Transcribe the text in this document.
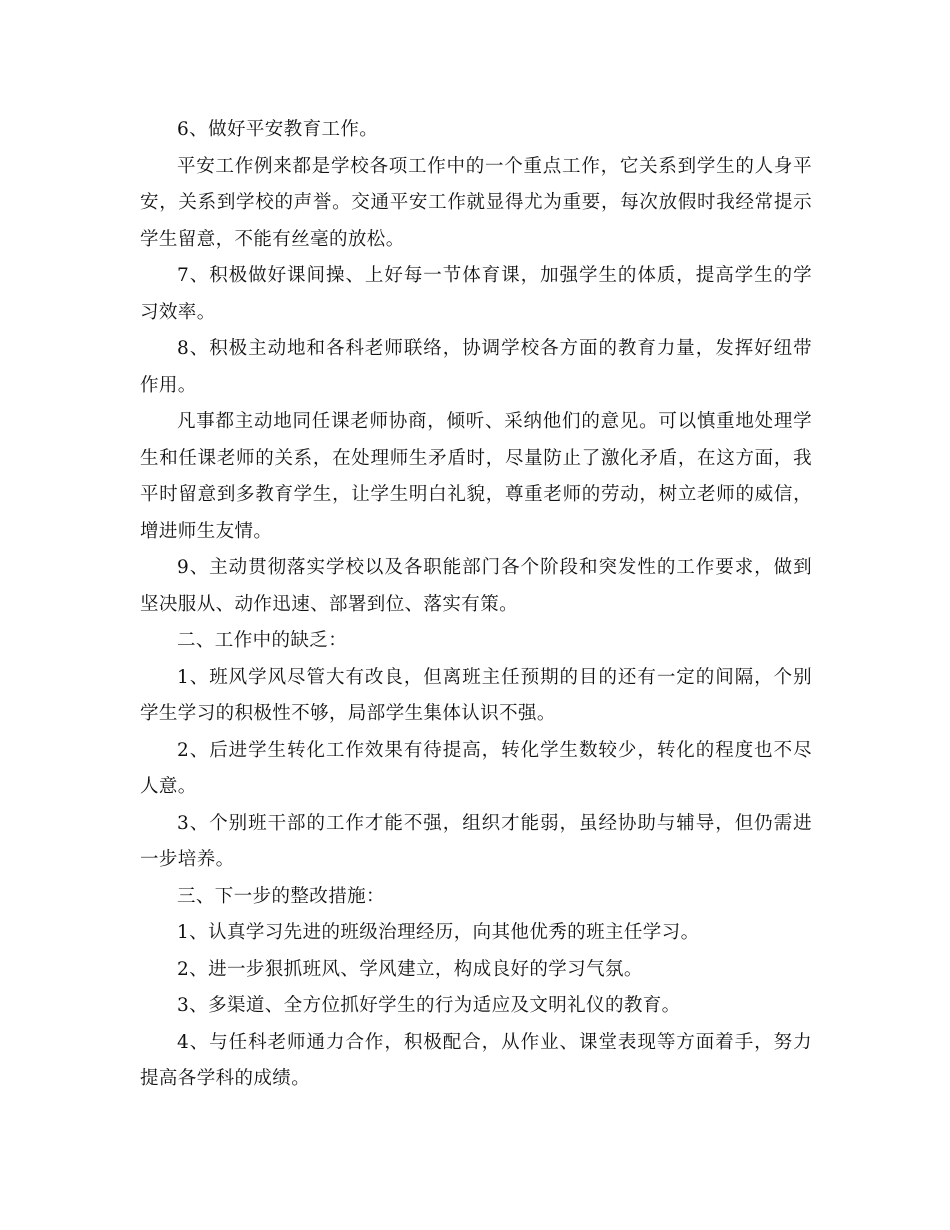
6、做好平安教育工作。

平安工作例来都是学校各项工作中的一个重点工作，它关系到学生的人身平安，关系到学校的声誉。交通平安工作就显得尤为重要，每次放假时我经常提示学生留意，不能有丝毫的放松。

7、积极做好课间操、上好每一节体育课，加强学生的体质，提高学生的学习效率。

8、积极主动地和各科老师联络，协调学校各方面的教育力量，发挥好纽带作用。

凡事都主动地同任课老师协商，倾听、采纳他们的意见。可以慎重地处理学生和任课老师的关系，在处理师生矛盾时，尽量防止了激化矛盾，在这方面，我平时留意到多教育学生，让学生明白礼貌，尊重老师的劳动，树立老师的威信，增进师生友情。

9、主动贯彻落实学校以及各职能部门各个阶段和突发性的工作要求，做到坚决服从、动作迅速、部署到位、落实有策。

二、工作中的缺乏：

1、班风学风尽管大有改良，但离班主任预期的目的还有一定的间隔，个别学生学习的积极性不够，局部学生集体认识不强。

2、后进学生转化工作效果有待提高，转化学生数较少，转化的程度也不尽人意。

3、个别班干部的工作才能不强，组织才能弱，虽经协助与辅导，但仍需进一步培养。

三、下一步的整改措施：

1、认真学习先进的班级治理经历，向其他优秀的班主任学习。

2、进一步狠抓班风、学风建立，构成良好的学习气氛。

3、多渠道、全方位抓好学生的行为适应及文明礼仪的教育。

4、与任科老师通力合作，积极配合，从作业、课堂表现等方面着手，努力提高各学科的成绩。
